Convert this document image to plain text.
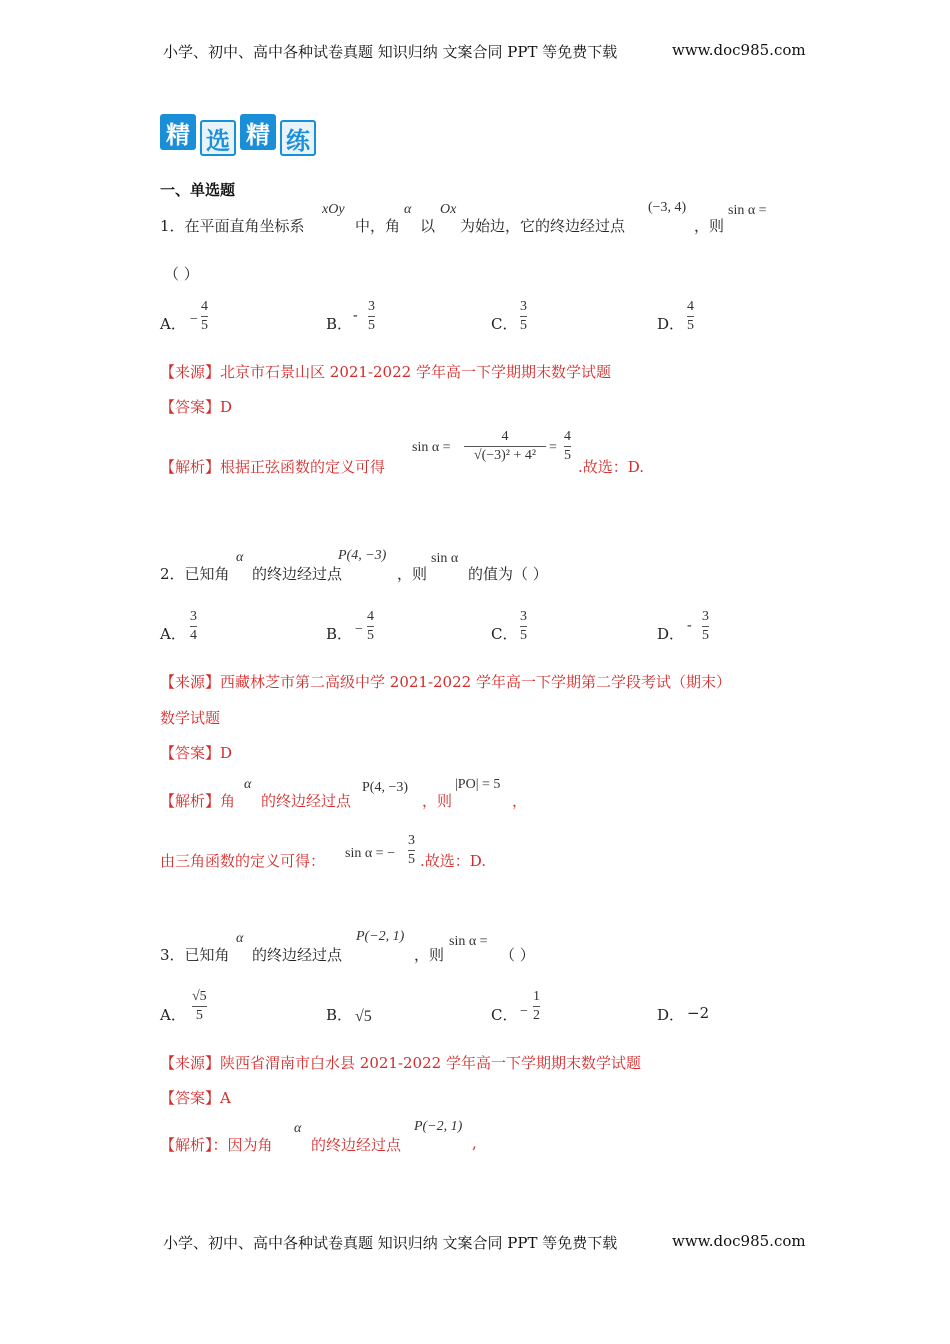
小学、初中、高中各种试卷真题 知识归纳 文案合同 PPT 等免费下载	www.doc985.com
精 选 精 练
一、单选题
1．在平面直角坐标系
xOy
中，角
α
以
Ox
为始边，它的终边经过点
(−3, 4)
，则
sin α =
（ ）
A． −
4
5	B． -
3
5	C．
3
5	D．
4
5
【来源】北京市石景山区 2021-2022 学年高一下学期期末数学试题
【答案】D
【解析】根据正弦函数的定义可得
sin α =
4
√(−3)² + 4²
=
4
5
.故选：D.
2．已知角
α
的终边经过点
P(4, −3)
，则
sin α
的值为（ ）
A．
3
4	B． −
4
5	C．
3
5	D． -
3
5
【来源】西藏林芝市第二高级中学 2021-2022 学年高一下学期第二学段考试（期末）
数学试题
【答案】D
【解析】角
α
的终边经过点
P(4, −3)
，则
|PO| = 5
，
由三角函数的定义可得： sin α = −
3
5 .故选：D.
3．已知角
α
的终边经过点
P(−2, 1)
，则
sin α =
（ ）
A．
√5
5	B． √5	C． −
1
2	D． −2
【来源】陕西省渭南市白水县 2021-2022 学年高一下学期期末数学试题
【答案】A
【解析】：因为角
α
的终边经过点
P(−2, 1)
,
小学、初中、高中各种试卷真题 知识归纳 文案合同 PPT 等免费下载	www.doc985.com
